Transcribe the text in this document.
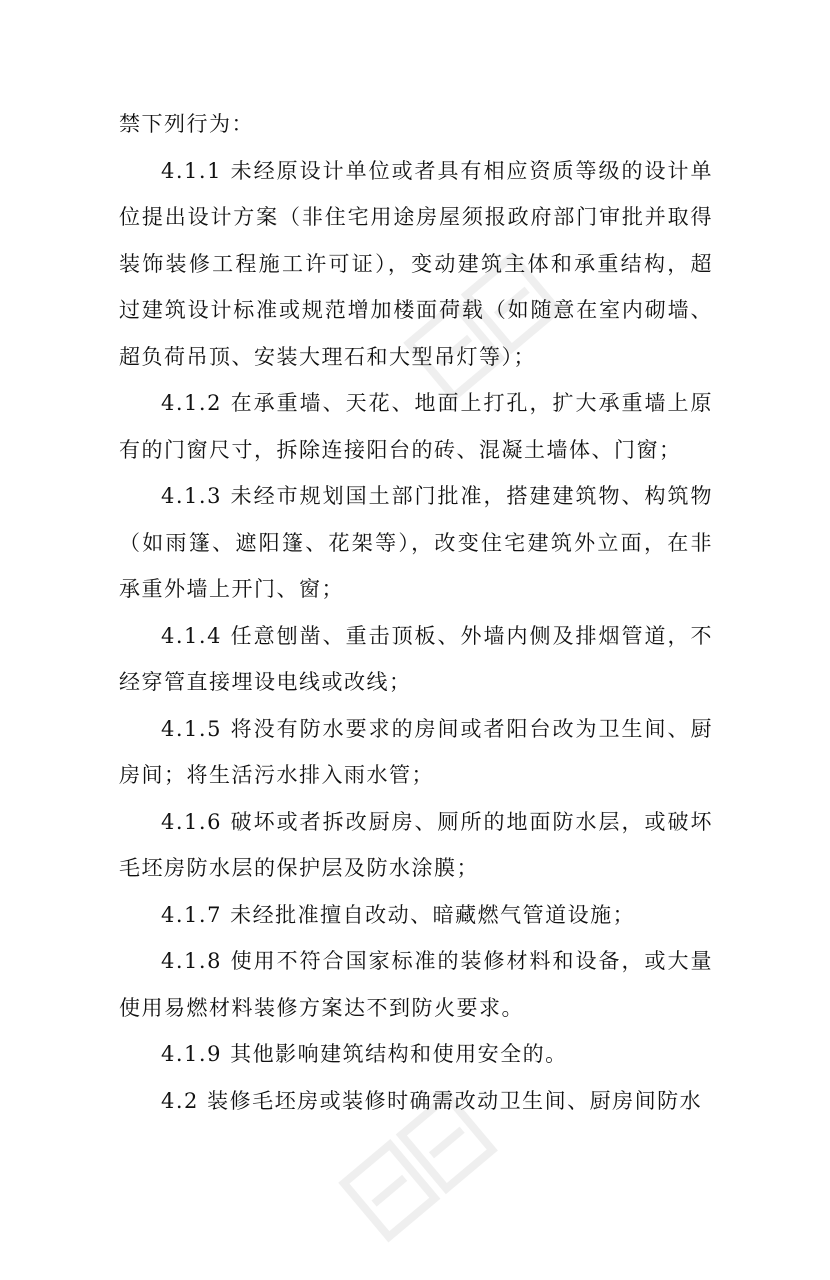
禁下列行为：

4.1.1 未经原设计单位或者具有相应资质等级的设计单位提出设计方案（非住宅用途房屋须报政府部门审批并取得装饰装修工程施工许可证），变动建筑主体和承重结构，超过建筑设计标准或规范增加楼面荷载（如随意在室内砌墙、超负荷吊顶、安装大理石和大型吊灯等）；

4.1.2 在承重墙、天花、地面上打孔，扩大承重墙上原有的门窗尺寸，拆除连接阳台的砖、混凝土墙体、门窗；

4.1.3 未经市规划国土部门批准，搭建建筑物、构筑物（如雨篷、遮阳篷、花架等），改变住宅建筑外立面，在非承重外墙上开门、窗；

4.1.4 任意刨凿、重击顶板、外墙内侧及排烟管道，不经穿管直接埋设电线或改线；

4.1.5 将没有防水要求的房间或者阳台改为卫生间、厨房间；将生活污水排入雨水管；

4.1.6 破坏或者拆改厨房、厕所的地面防水层，或破坏毛坯房防水层的保护层及防水涂膜；

4.1.7 未经批准擅自改动、暗藏燃气管道设施；

4.1.8 使用不符合国家标准的装修材料和设备，或大量使用易燃材料装修方案达不到防火要求。

4.1.9 其他影响建筑结构和使用安全的。

4.2 装修毛坯房或装修时确需改动卫生间、厨房间防水
